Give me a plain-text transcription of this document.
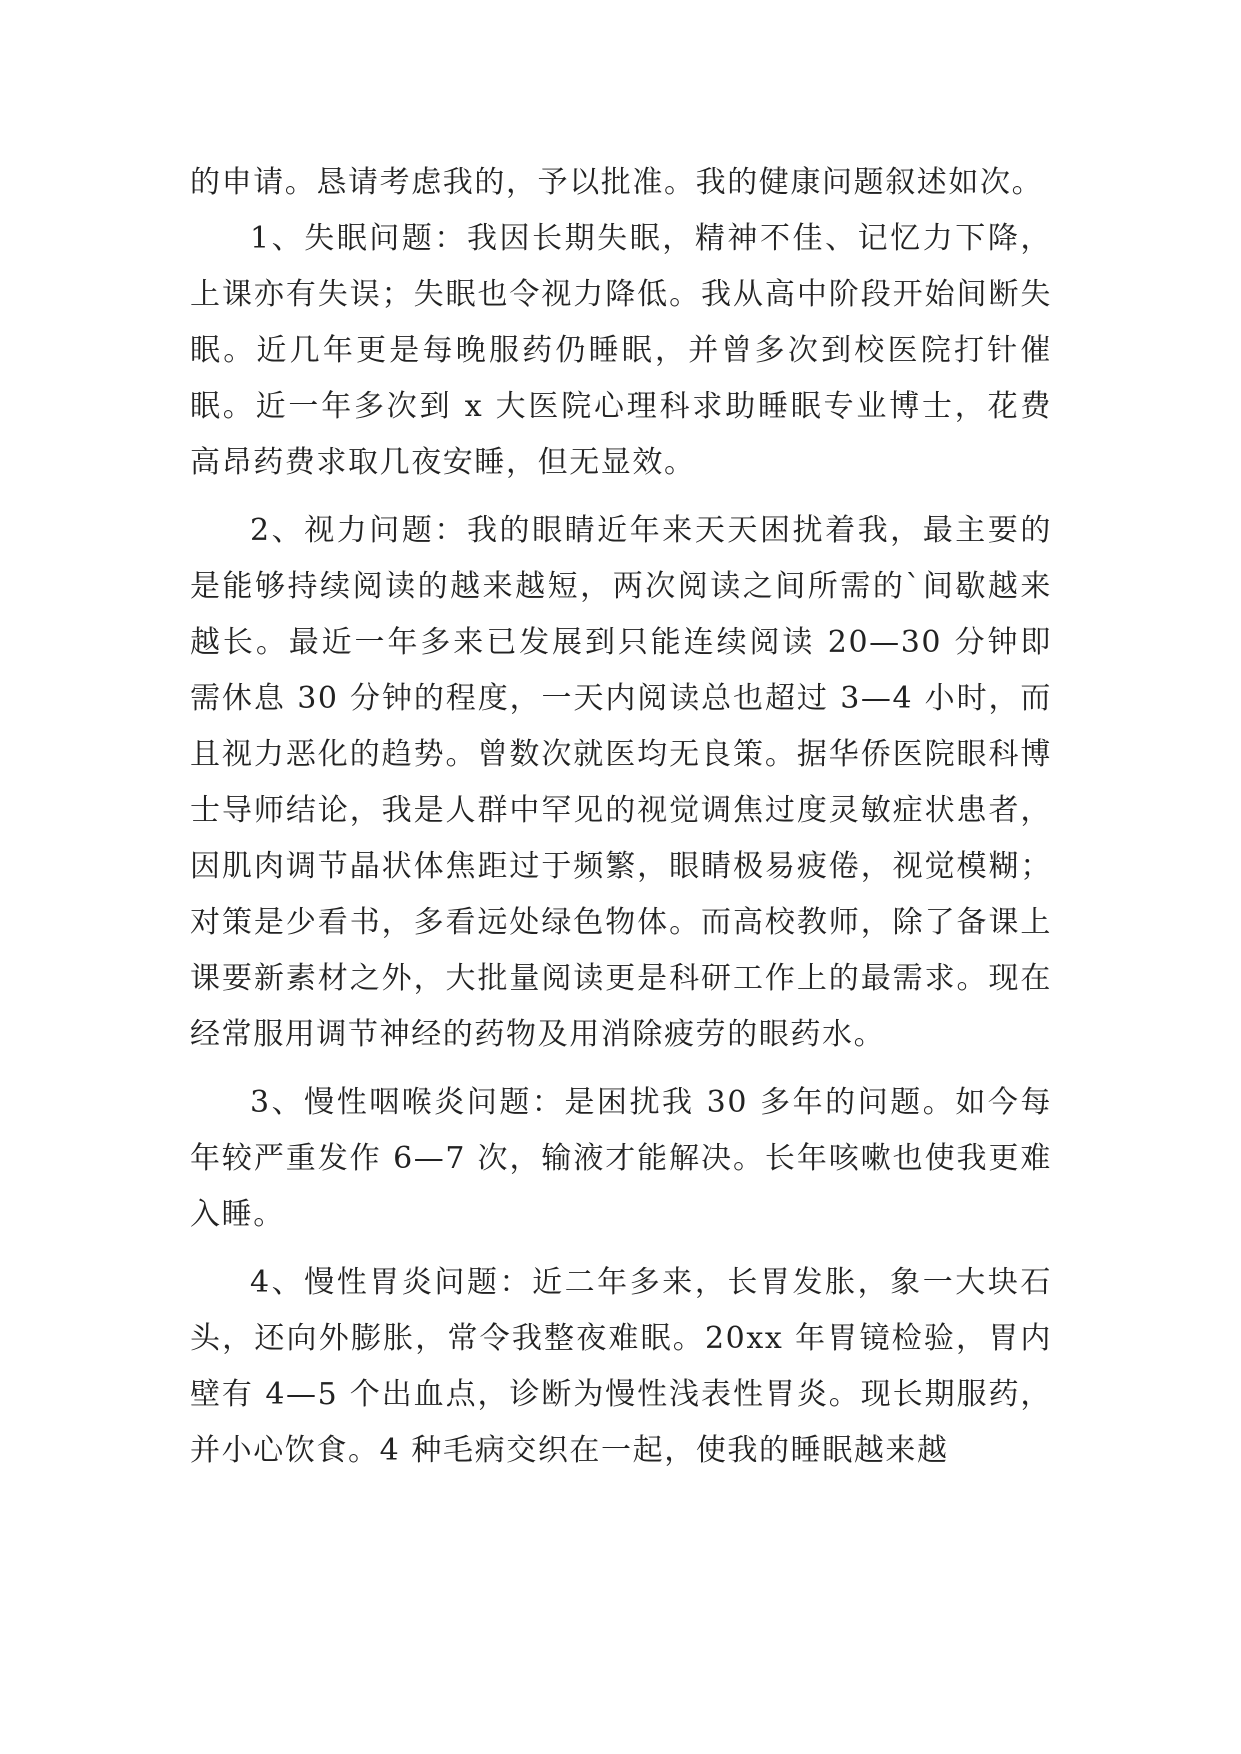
的申请。恳请考虑我的，予以批准。我的健康问题叙述如次。

1、失眠问题：我因长期失眠，精神不佳、记忆力下降，上课亦有失误；失眠也令视力降低。我从高中阶段开始间断失眠。近几年更是每晚服药仍睡眠，并曾多次到校医院打针催眠。近一年多次到 x 大医院心理科求助睡眠专业博士，花费高昂药费求取几夜安睡，但无显效。

2、视力问题：我的眼睛近年来天天困扰着我，最主要的是能够持续阅读的越来越短，两次阅读之间所需的`间歇越来越长。最近一年多来已发展到只能连续阅读 20—30 分钟即需休息 30 分钟的程度，一天内阅读总也超过 3—4 小时，而且视力恶化的趋势。曾数次就医均无良策。据华侨医院眼科博士导师结论，我是人群中罕见的视觉调焦过度灵敏症状患者，因肌肉调节晶状体焦距过于频繁，眼睛极易疲倦，视觉模糊；对策是少看书，多看远处绿色物体。而高校教师，除了备课上课要新素材之外，大批量阅读更是科研工作上的最需求。现在经常服用调节神经的药物及用消除疲劳的眼药水。

3、慢性咽喉炎问题：是困扰我 30 多年的问题。如今每年较严重发作 6—7 次，输液才能解决。长年咳嗽也使我更难入睡。

4、慢性胃炎问题：近二年多来，长胃发胀，象一大块石头，还向外膨胀，常令我整夜难眠。20xx 年胃镜检验，胃内壁有 4—5 个出血点，诊断为慢性浅表性胃炎。现长期服药，并小心饮食。4 种毛病交织在一起，使我的睡眠越来越
